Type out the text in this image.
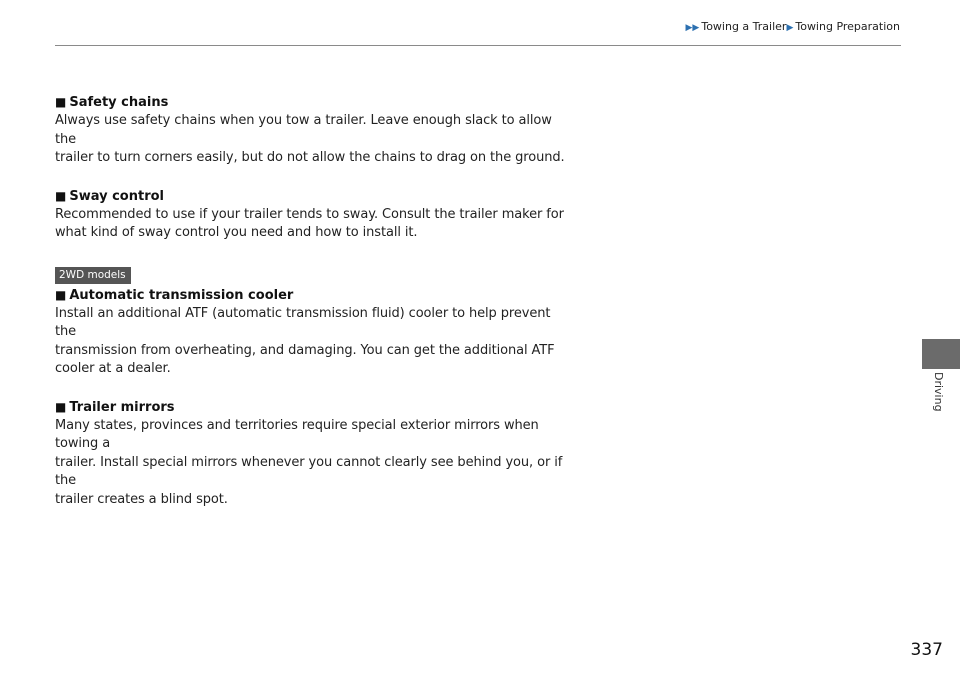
▶▶ Towing a Trailer▶ Towing Preparation
■ Safety chains

Always use safety chains when you tow a trailer. Leave enough slack to allow the
trailer to turn corners easily, but do not allow the chains to drag on the ground.

■ Sway control

Recommended to use if your trailer tends to sway. Consult the trailer maker for
what kind of sway control you need and how to install it.

2WD models
■ Automatic transmission cooler

Install an additional ATF (automatic transmission fluid) cooler to help prevent the
transmission from overheating, and damaging. You can get the additional ATF
cooler at a dealer.

■ Trailer mirrors

Many states, provinces and territories require special exterior mirrors when towing a
trailer. Install special mirrors whenever you cannot clearly see behind you, or if the
trailer creates a blind spot.

Driving
337
